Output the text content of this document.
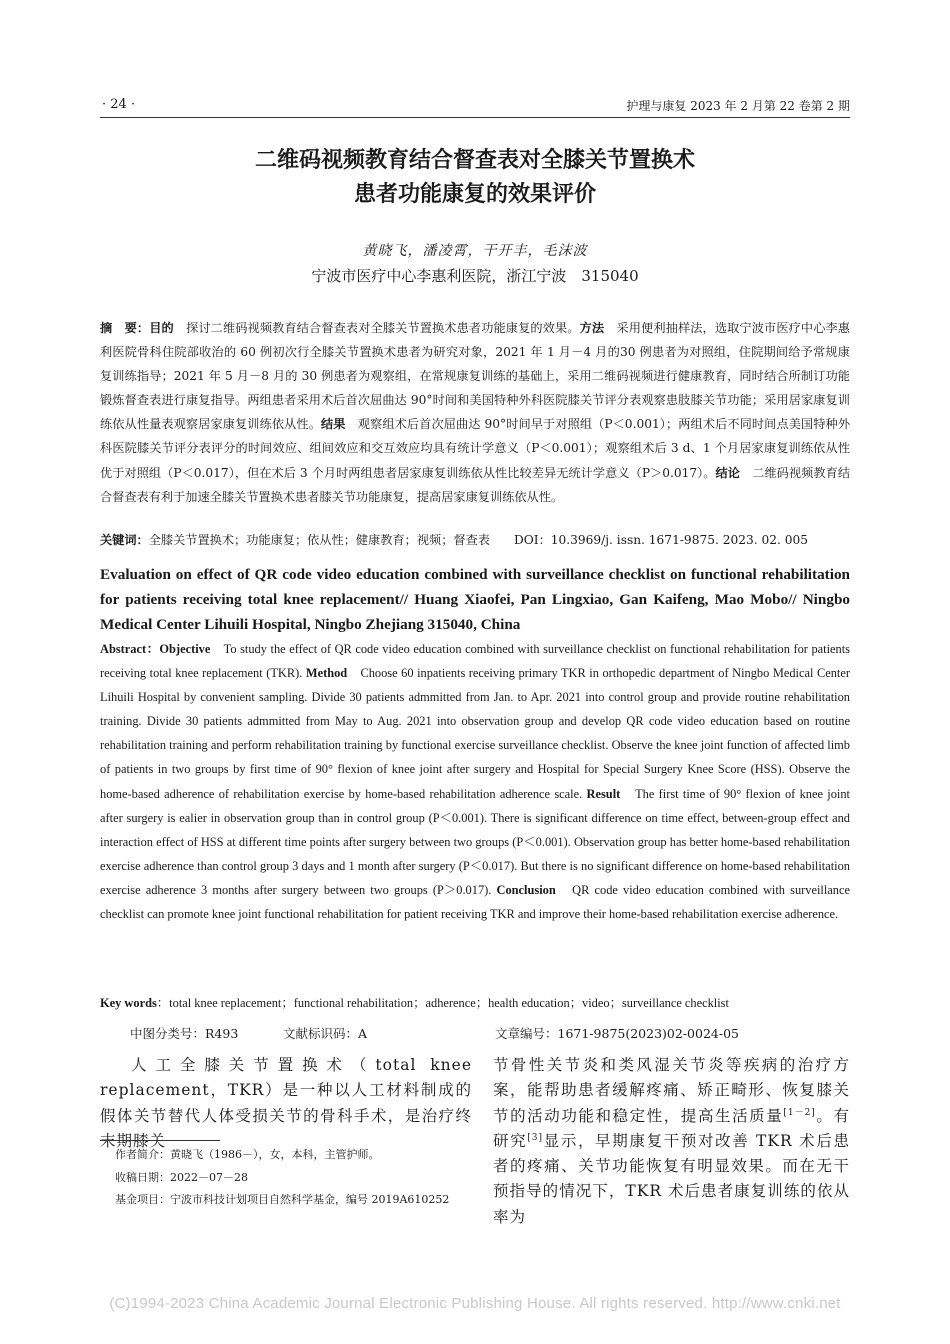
· 24 ·	护理与康复 2023 年 2 月第 22 卷第 2 期
二维码视频教育结合督查表对全膝关节置换术
患者功能康复的效果评价
黄晓飞，潘凌霄，干开丰，毛沫波
宁波市医疗中心李惠利医院，浙江宁波　315040
摘　要：目的　探讨二维码视频教育结合督查表对全膝关节置换术患者功能康复的效果。方法　采用便利抽样法，选取宁波市医疗中心李惠利医院骨科住院部收治的 60 例初次行全膝关节置换术患者为研究对象，2021 年 1 月－4 月的30 例患者为对照组，住院期间给予常规康复训练指导；2021 年 5 月－8 月的 30 例患者为观察组，在常规康复训练的基础上，采用二维码视频进行健康教育，同时结合所制订功能锻炼督查表进行康复指导。两组患者采用术后首次屈曲达 90°时间和美国特种外科医院膝关节评分表观察患肢膝关节功能；采用居家康复训练依从性量表观察居家康复训练依从性。结果　观察组术后首次屈曲达 90°时间早于对照组（P＜0.001）；两组术后不同时间点美国特种外科医院膝关节评分表评分的时间效应、组间效应和交互效应均具有统计学意义（P＜0.001）；观察组术后 3 d、1 个月居家康复训练依从性优于对照组（P＜0.017），但在术后 3 个月时两组患者居家康复训练依从性比较差异无统计学意义（P＞0.017）。结论　二维码视频教育结合督查表有利于加速全膝关节置换术患者膝关节功能康复，提高居家康复训练依从性。
关键词：全膝关节置换术；功能康复；依从性；健康教育；视频；督查表 DOI：10.3969/j. issn. 1671-9875. 2023. 02. 005
Evaluation on effect of QR code video education combined with surveillance checklist on functional rehabilitation for patients receiving total knee replacement// Huang Xiaofei, Pan Lingxiao, Gan Kaifeng, Mao Mobo// Ningbo Medical Center Lihuili Hospital, Ningbo Zhejiang 315040, China
Abstract：Objective　To study the effect of QR code video education combined with surveillance checklist on functional rehabilitation for patients receiving total knee replacement (TKR). Method　Choose 60 inpatients receiving primary TKR in orthopedic department of Ningbo Medical Center Lihuili Hospital by convenient sampling. Divide 30 patients admmitted from Jan. to Apr. 2021 into control group and provide routine rehabilitation training. Divide 30 patients admmitted from May to Aug. 2021 into observation group and develop QR code video education based on routine rehabilitation training and perform rehabilitation training by functional exercise surveillance checklist. Observe the knee joint function of affected limb of patients in two groups by first time of 90° flexion of knee joint after surgery and Hospital for Special Surgery Knee Score (HSS). Observe the home-based adherence of rehabilitation exercise by home-based rehabilitation adherence scale. Result　The first time of 90° flexion of knee joint after surgery is ealier in observation group than in control group (P＜0.001). There is significant difference on time effect, between-group effect and interaction effect of HSS at different time points after surgery between two groups (P＜0.001). Observation group has better home-based rehabilitation exercise adherence than control group 3 days and 1 month after surgery (P＜0.017). But there is no significant difference on home-based rehabilitation exercise adherence 3 months after surgery between two groups (P＞0.017). Conclusion　QR code video education combined with surveillance checklist can promote knee joint functional rehabilitation for patient receiving TKR and improve their home-based rehabilitation exercise adherence.
Key words：total knee replacement；functional rehabilitation；adherence；health education；video；surveillance checklist
中图分类号：R493	文献标识码：A	文章编号：1671-9875(2023)02-0024-05
人工全膝关节置换术（total knee replacement，TKR）是一种以人工材料制成的假体关节替代人体受损关节的骨科手术，是治疗终末期膝关
节骨性关节炎和类风湿关节炎等疾病的治疗方案，能帮助患者缓解疼痛、矫正畸形、恢复膝关节的活动功能和稳定性，提高生活质量[1－2]。有研究[3]显示，早期康复干预对改善 TKR 术后患者的疼痛、关节功能恢复有明显效果。而在无干预指导的情况下，TKR 术后患者康复训练的依从率为
作者简介：黄晓飞（1986－），女，本科，主管护师。
收稿日期：2022－07－28
基金项目：宁波市科技计划项目自然科学基金，编号 2019A610252
(C)1994-2023 China Academic Journal Electronic Publishing House. All rights reserved. http://www.cnki.net
